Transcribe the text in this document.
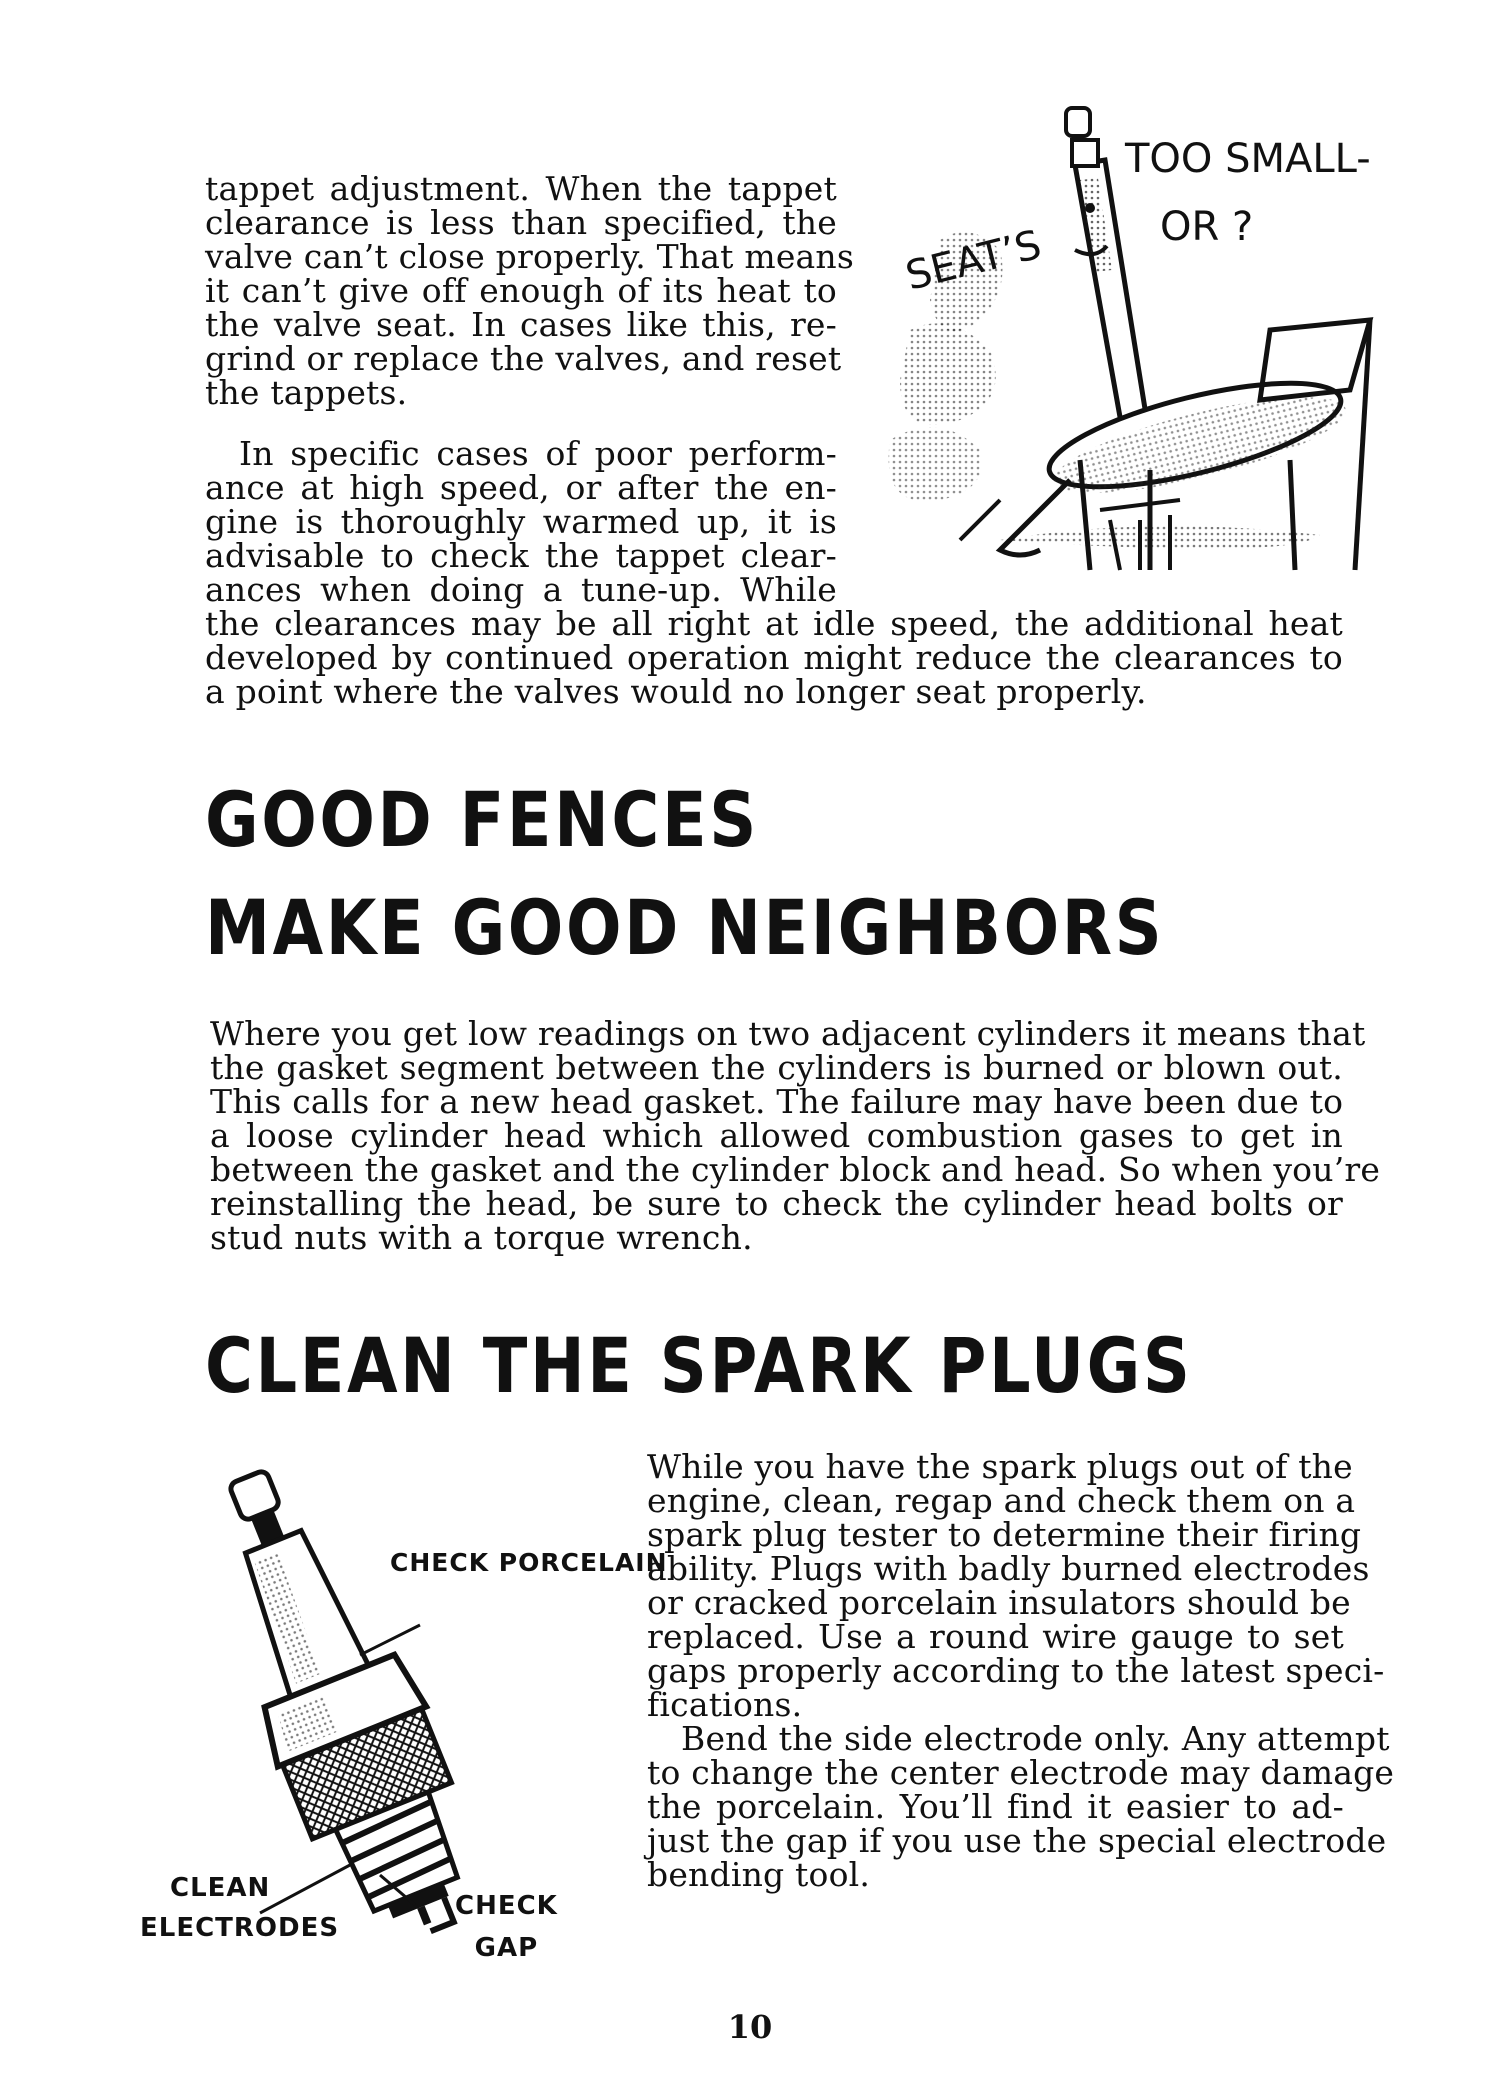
tappet adjustment. When the tappet
clearance is less than specified, the
valve can’t close properly. That means
it can’t give off enough of its heat to
the valve seat. In cases like this, re-
grind or replace the valves, and reset
the tappets.
In specific cases of poor perform-
ance at high speed, or after the en-
gine is thoroughly warmed up, it is
advisable to check the tappet clear-
ances when doing a tune-up. While
the clearances may be all right at idle speed, the additional heat
developed by continued operation might reduce the clearances to
a point where the valves would no longer seat properly.
SEAT’S
TOO SMALL-
OR ?
GOOD FENCES
MAKE GOOD NEIGHBORS
Where you get low readings on two adjacent cylinders it means that
the gasket segment between the cylinders is burned or blown out.
This calls for a new head gasket. The failure may have been due to
a loose cylinder head which allowed combustion gases to get in
between the gasket and the cylinder block and head. So when you’re
reinstalling the head, be sure to check the cylinder head bolts or
stud nuts with a torque wrench.
CLEAN THE SPARK PLUGS
CHECK PORCELAIN
CLEAN
ELECTRODES
CHECK
GAP
While you have the spark plugs out of the
engine, clean, regap and check them on a
spark plug tester to determine their firing
ability. Plugs with badly burned electrodes
or cracked porcelain insulators should be
replaced. Use a round wire gauge to set
gaps properly according to the latest speci-
fications.
Bend the side electrode only. Any attempt
to change the center electrode may damage
the porcelain. You’ll find it easier to ad-
just the gap if you use the special electrode
bending tool.
10
